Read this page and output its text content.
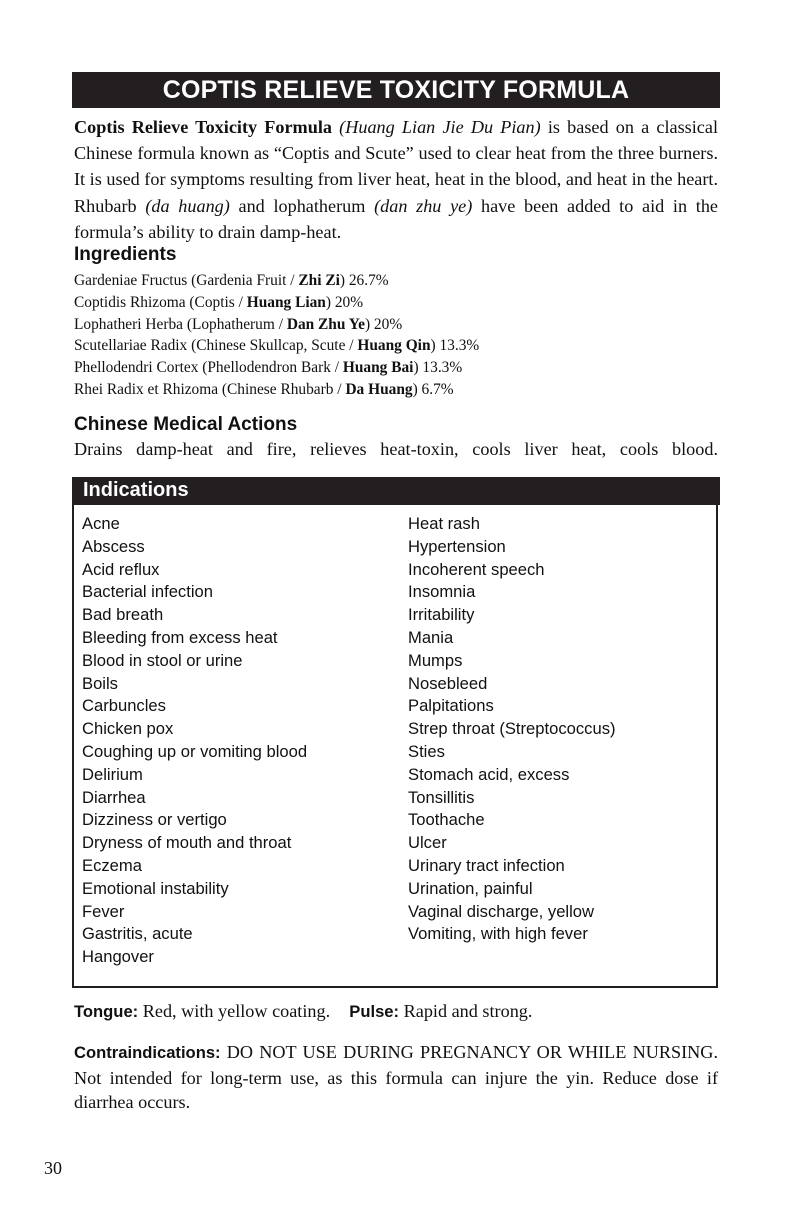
COPTIS RELIEVE TOXICITY FORMULA

Coptis Relieve Toxicity Formula (Huang Lian Jie Du Pian) is based on a classical Chinese formula known as “Coptis and Scute” used to clear heat from the three burners. It is used for symptoms resulting from liver heat, heat in the blood, and heat in the heart. Rhubarb (da huang) and lophatherum (dan zhu ye) have been added to aid in the formula’s ability to drain damp-heat.

Ingredients
Gardeniae Fructus (Gardenia Fruit / Zhi Zi) 26.7%
Coptidis Rhizoma (Coptis / Huang Lian) 20%
Lophatheri Herba (Lophatherum / Dan Zhu Ye) 20%
Scutellariae Radix (Chinese Skullcap, Scute / Huang Qin) 13.3%
Phellodendri Cortex (Phellodendron Bark / Huang Bai) 13.3%
Rhei Radix et Rhizoma (Chinese Rhubarb / Da Huang) 6.7%
Chinese Medical Actions
Drains damp-heat and fire, relieves heat-toxin, cools liver heat, cools blood.
Indications
Acne
Abscess
Acid reflux
Bacterial infection
Bad breath
Bleeding from excess heat
Blood in stool or urine
Boils
Carbuncles
Chicken pox
Coughing up or vomiting blood
Delirium
Diarrhea
Dizziness or vertigo
Dryness of mouth and throat
Eczema
Emotional instability
Fever
Gastritis, acute
Hangover
Heat rash
Hypertension
Incoherent speech
Insomnia
Irritability
Mania
Mumps
Nosebleed
Palpitations
Strep throat (Streptococcus)
Sties
Stomach acid, excess
Tonsillitis
Toothache
Ulcer
Urinary tract infection
Urination, painful
Vaginal discharge, yellow
Vomiting, with high fever
Tongue: Red, with yellow coating. Pulse: Rapid and strong.

Contraindications: DO NOT USE DURING PREGNANCY OR WHILE NURSING. Not intended for long-term use, as this formula can injure the yin. Reduce dose if diarrhea occurs.

30
